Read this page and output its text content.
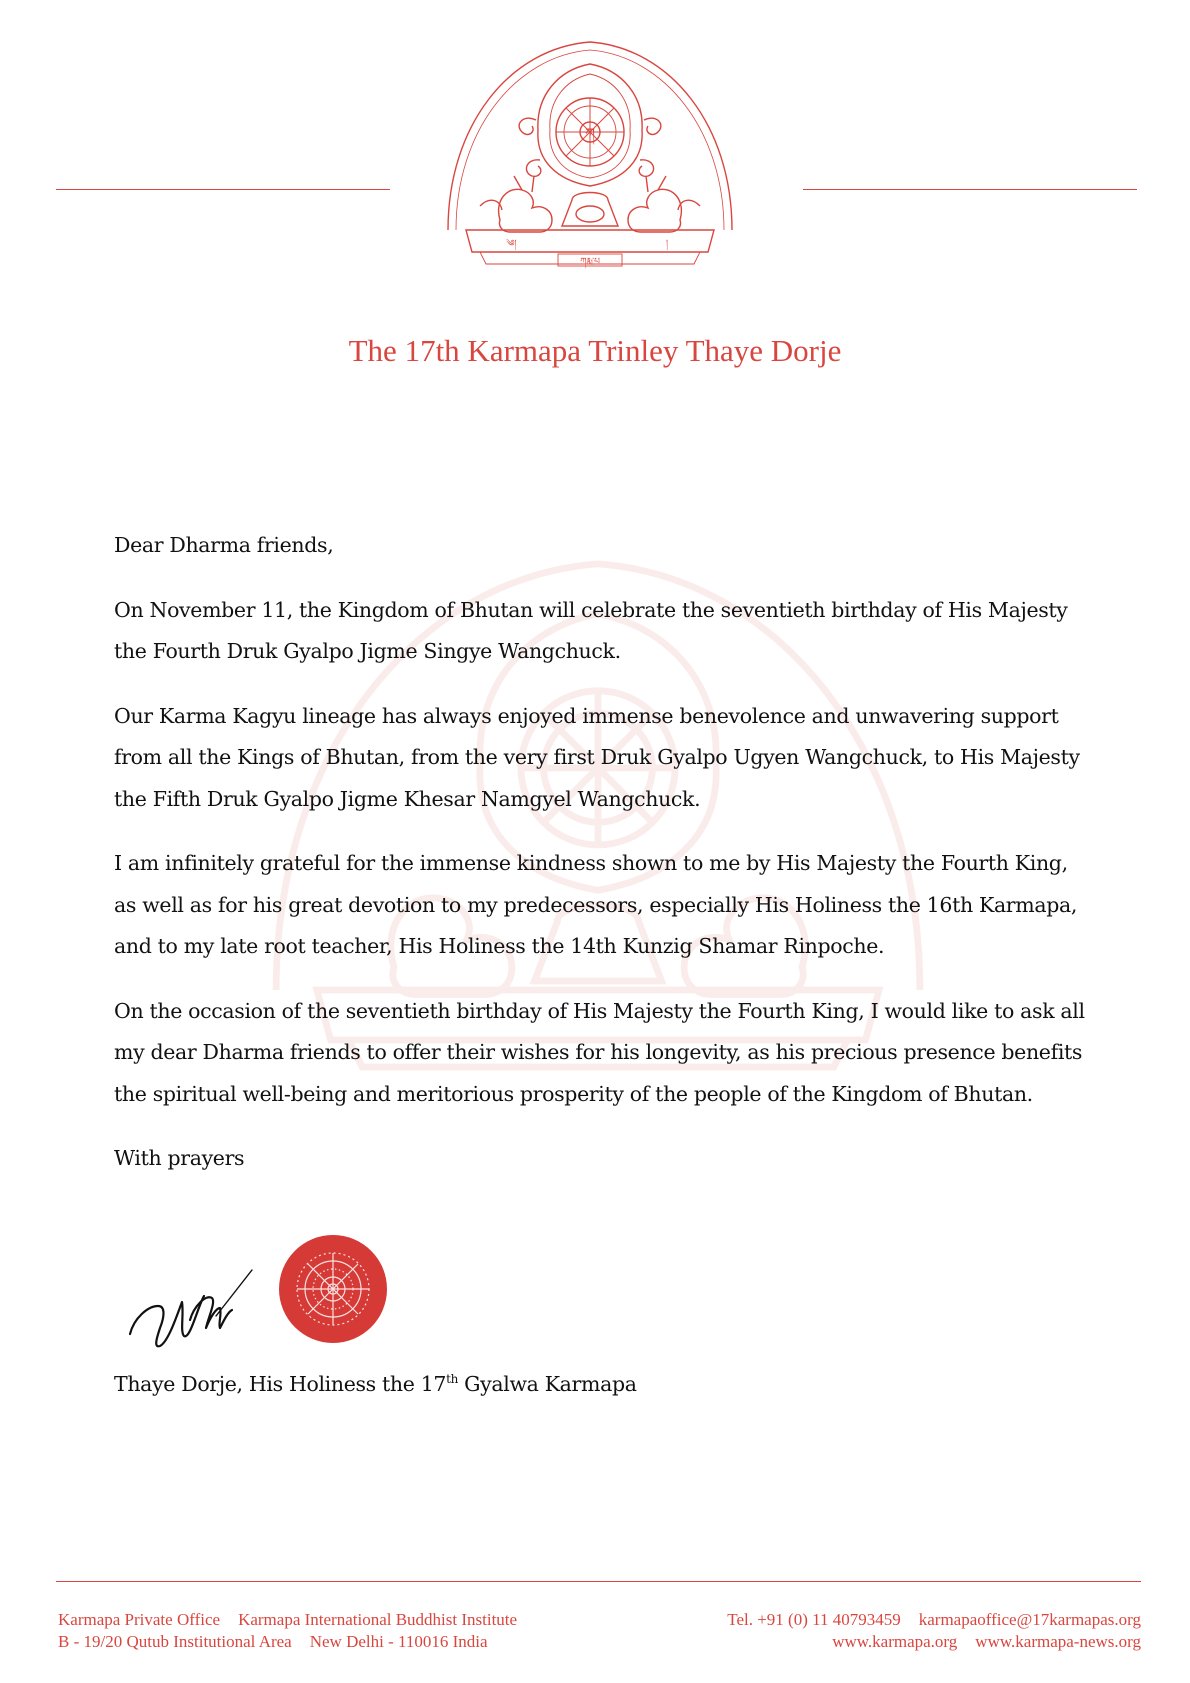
ཀརྨ་པ
༄།	།
ཀ
The 17th Karmapa Trinley Thaye Dorje

Dear Dharma friends,

On November 11, the Kingdom of Bhutan will celebrate the seventieth birthday of His Majesty the Fourth Druk Gyalpo Jigme Singye Wangchuck.

Our Karma Kagyu lineage has always enjoyed immense benevolence and unwavering support from all the Kings of Bhutan, from the very first Druk Gyalpo Ugyen Wangchuck, to His Majesty the Fifth Druk Gyalpo Jigme Khesar Namgyel Wangchuck.

I am infinitely grateful for the immense kindness shown to me by His Majesty the Fourth King, as well as for his great devotion to my predecessors, especially His Holiness the 16th Karmapa, and to my late root teacher, His Holiness the 14th Kunzig Shamar Rinpoche.

On the occasion of the seventieth birthday of His Majesty the Fourth King, I would like to ask all my dear Dharma friends to offer their wishes for his longevity, as his precious presence benefits the spiritual well-being and meritorious prosperity of the people of the Kingdom of Bhutan.

With prayers

Thaye Dorje, His Holiness the 17th Gyalwa Karmapa
Karmapa Private Office Karmapa International Buddhist Institute
B - 19/20 Qutub Institutional Area New Delhi - 110016 India
Tel. +91 (0) 11 40793459 karmapaoffice@17karmapas.org
www.karmapa.org www.karmapa-news.org
